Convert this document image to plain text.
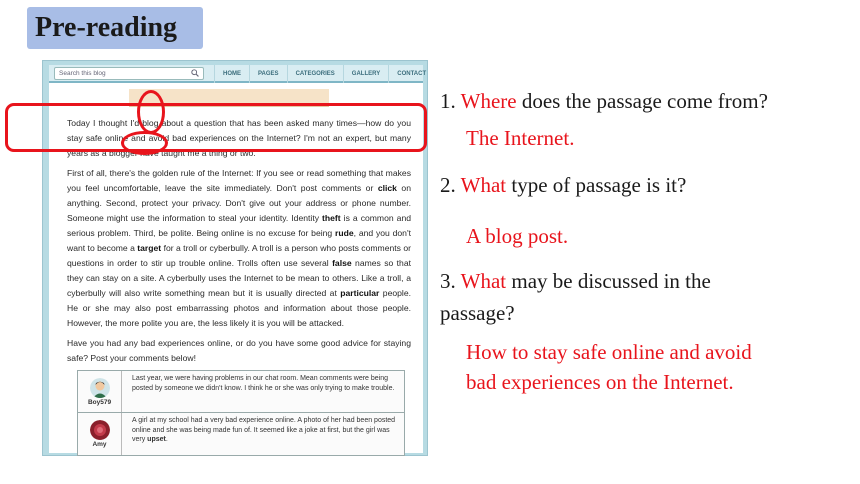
Pre-reading
Search this blog	HOME	PAGES	CATEGORIES	GALLERY	CONTACT

Today I thought I'd blog about a question that has been asked many times—how do you stay safe online and avoid bad experiences on the Internet? I'm not an expert, but many years as a blogger have taught me a thing or two.

First of all, there's the golden rule of the Internet: If you see or read something that makes you feel uncomfortable, leave the site immediately. Don't post comments or click on anything. Second, protect your privacy. Don't give out your address or phone number. Someone might use the information to steal your identity. Identity theft is a common and serious problem. Third, be polite. Being online is no excuse for being rude, and you don't want to become a target for a troll or cyberbully. A troll is a person who posts comments or questions in order to stir up trouble online. Trolls often use several false names so that they can stay on a site. A cyberbully uses the Internet to be mean to others. Like a troll, a cyberbully will also write something mean but it is usually directed at particular people. He or she may also post embarrassing photos and information about those people. However, the more polite you are, the less likely it is you will be attacked.

Have you had any bad experiences online, or do you have some good advice for staying safe? Post your comments below!

Boy579
Last year, we were having problems in our chat room. Mean comments were being posted by someone we didn't know. I think he or she was only trying to make trouble.
Amy
A girl at my school had a very bad experience online. A photo of her had been posted online and she was being made fun of. It seemed like a joke at first, but the girl was very upset.
1. Where does the passage come from?
The Internet.
2. What type of passage is it?
A blog post.
3. What may be discussed in the
passage?
How to stay safe online and avoid
bad experiences on the Internet.
